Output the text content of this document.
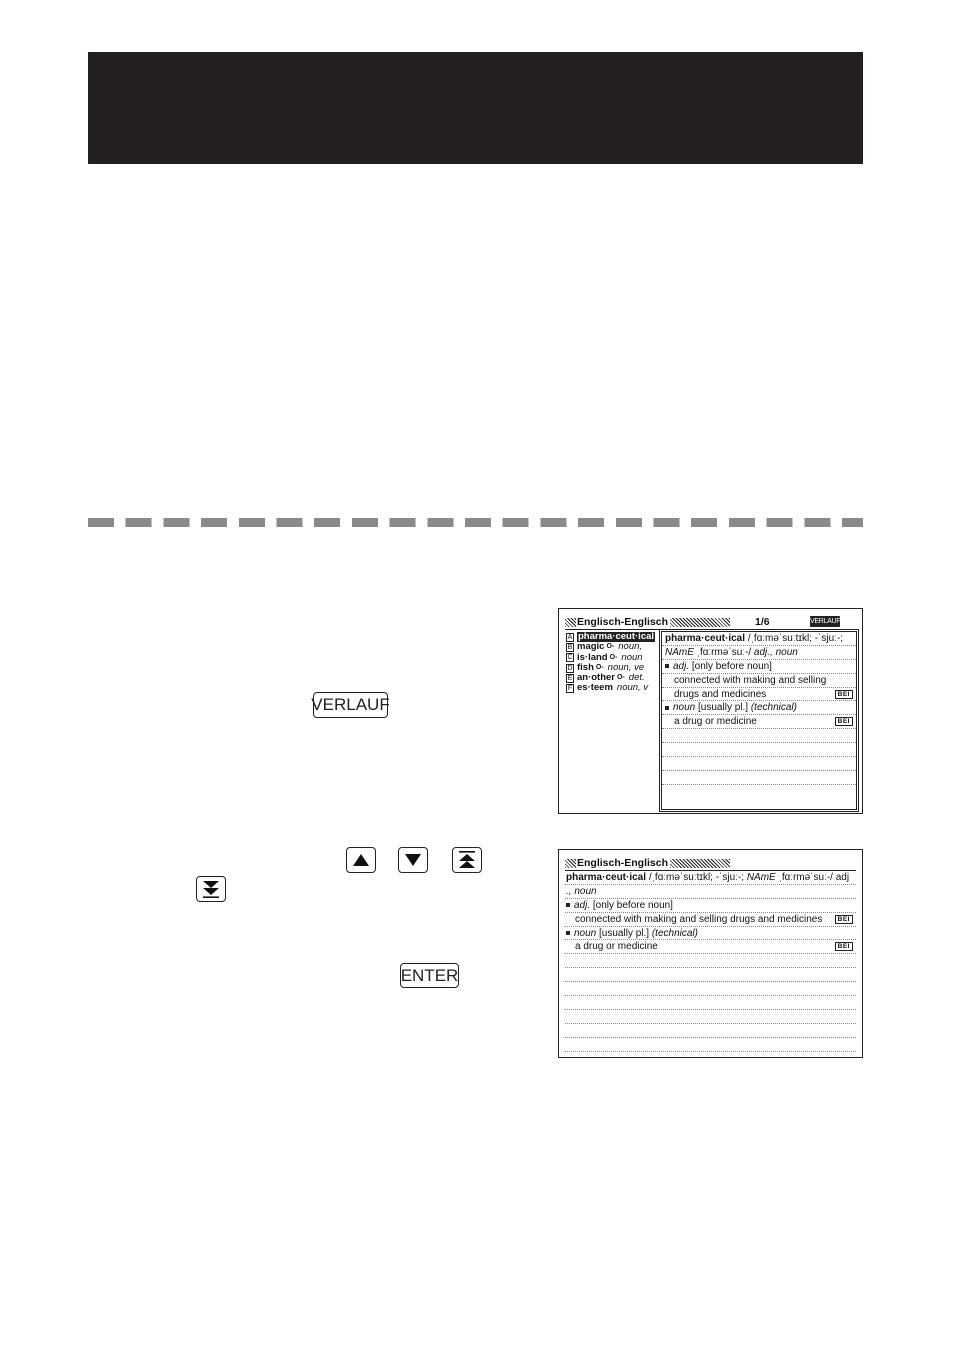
VERLAUF
ENTER
Englisch-Englisch	1/6	VERLAUF
A pharma·ceut·ical
B magic O- noun,
C is·land O- noun
D fish O- noun, ve
E an·other O- det.
F es·teem noun, v
pharma·ceut·ical /ˌfɑːməˈsuːtɪkl; -ˈsjuː-;
NAmE ˌfɑːrməˈsuː-/ adj., noun
adj. [only before noun]
connected with making and selling
drugs and medicines	BEI
noun [usually pl.] (technical)
a drug or medicine	BEI
Englisch-Englisch
pharma·ceut·ical /ˌfɑːməˈsuːtɪkl; -ˈsjuː-; NAmE ˌfɑːrməˈsuː-/ adj
., noun
adj. [only before noun]
connected with making and selling drugs and medicines	BEI
noun [usually pl.] (technical)
a drug or medicine	BEI
